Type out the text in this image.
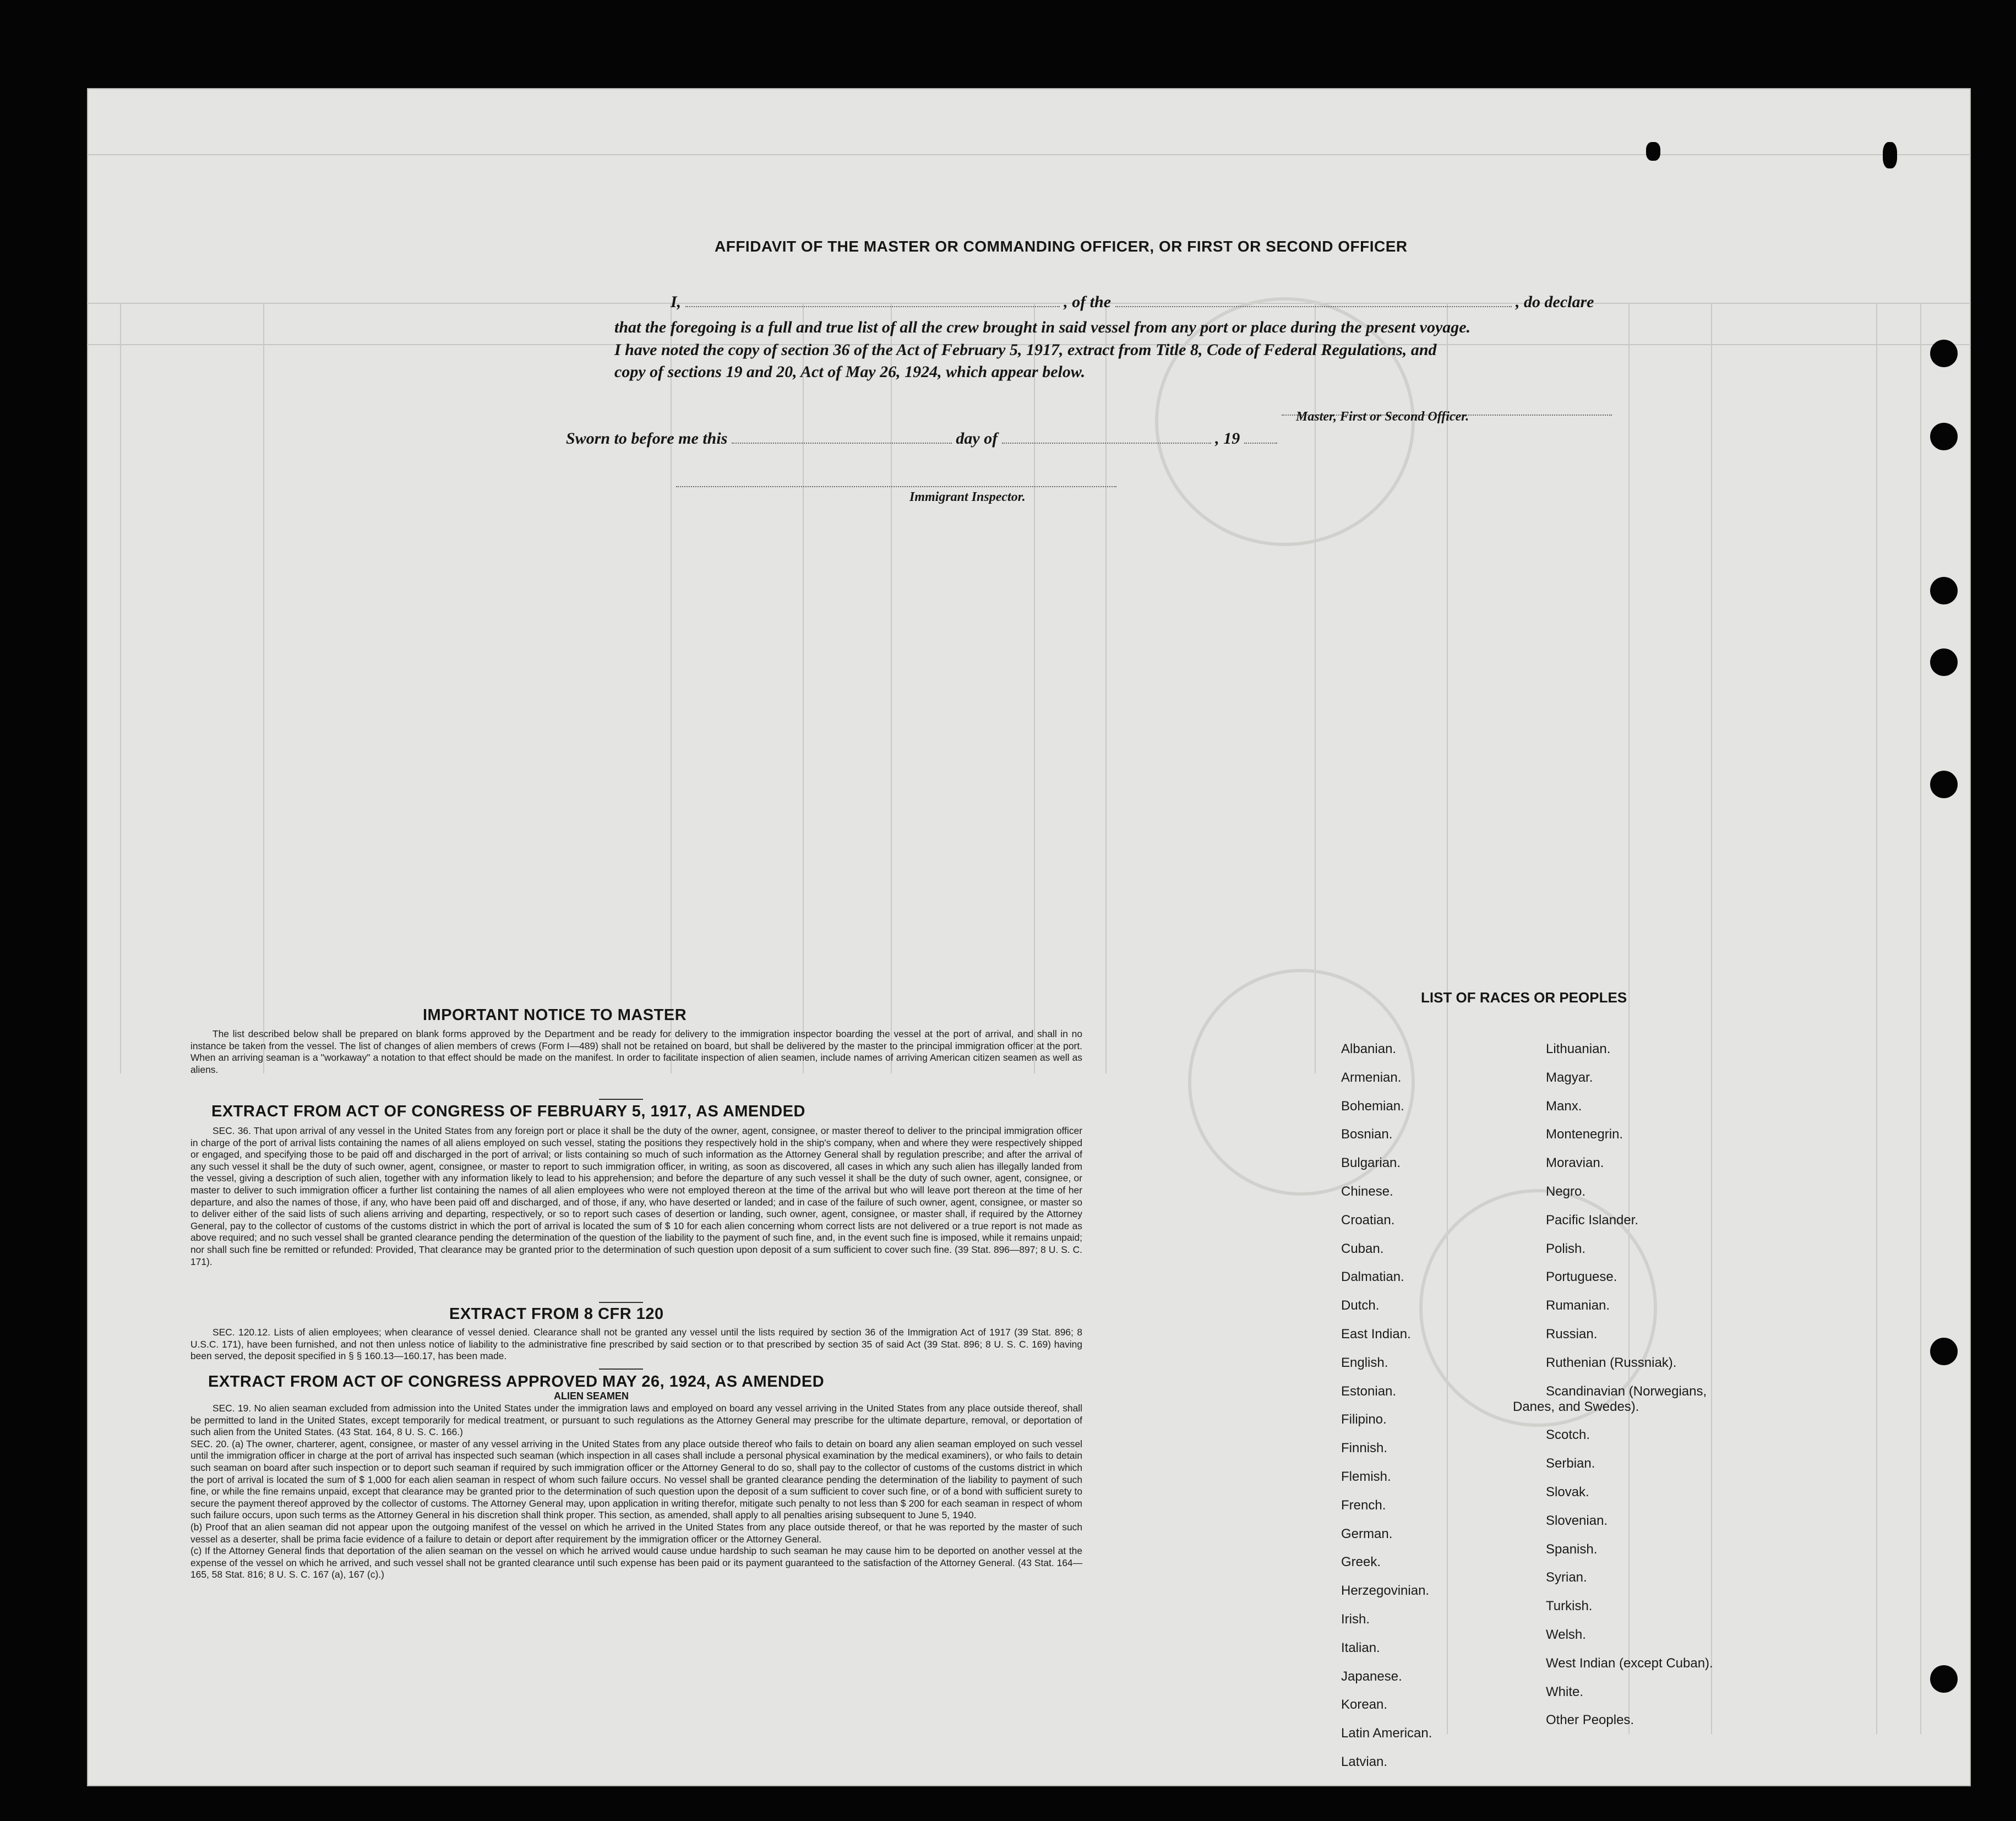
AFFIDAVIT OF THE MASTER OR COMMANDING OFFICER, OR FIRST OR SECOND OFFICER
I,	, of the	, do declare
that the foregoing is a full and true list of all the crew brought in said vessel from any port or place during the present voyage.
I have noted the copy of section 36 of the Act of February 5, 1917, extract from Title 8, Code of Federal Regulations, and
copy of sections 19 and 20, Act of May 26, 1924, which appear below.
Master, First or Second Officer.
Sworn to before me this	day of	, 19
Immigrant Inspector.
IMPORTANT NOTICE TO MASTER
The list described below shall be prepared on blank forms approved by the Department and be ready for delivery to the immigration inspector boarding the vessel at the port of arrival, and shall in no instance be taken from the vessel. The list of changes of alien members of crews (Form I—489) shall not be retained on board, but shall be delivered by the master to the principal immigration officer at the port. When an arriving seaman is a "workaway" a notation to that effect should be made on the manifest. In order to facilitate inspection of alien seamen, include names of arriving American citizen seamen as well as aliens.
EXTRACT FROM ACT OF CONGRESS OF FEBRUARY 5, 1917, AS AMENDED
SEC. 36. That upon arrival of any vessel in the United States from any foreign port or place it shall be the duty of the owner, agent, consignee, or master thereof to deliver to the principal immigration officer in charge of the port of arrival lists containing the names of all aliens employed on such vessel, stating the positions they respectively hold in the ship's company, when and where they were respectively shipped or engaged, and specifying those to be paid off and discharged in the port of arrival; or lists containing so much of such information as the Attorney General shall by regulation prescribe; and after the arrival of any such vessel it shall be the duty of such owner, agent, consignee, or master to report to such immigration officer, in writing, as soon as discovered, all cases in which any such alien has illegally landed from the vessel, giving a description of such alien, together with any information likely to lead to his apprehension; and before the departure of any such vessel it shall be the duty of such owner, agent, consignee, or master to deliver to such immigration officer a further list containing the names of all alien employees who were not employed thereon at the time of the arrival but who will leave port thereon at the time of her departure, and also the names of those, if any, who have been paid off and discharged, and of those, if any, who have deserted or landed; and in case of the failure of such owner, agent, consignee, or master so to deliver either of the said lists of such aliens arriving and departing, respectively, or so to report such cases of desertion or landing, such owner, agent, consignee, or master shall, if required by the Attorney General, pay to the collector of customs of the customs district in which the port of arrival is located the sum of $ 10 for each alien concerning whom correct lists are not delivered or a true report is not made as above required; and no such vessel shall be granted clearance pending the determination of the question of the liability to the payment of such fine, and, in the event such fine is imposed, while it remains unpaid; nor shall such fine be remitted or refunded: Provided, That clearance may be granted prior to the determination of such question upon deposit of a sum sufficient to cover such fine. (39 Stat. 896—897; 8 U. S. C. 171).
EXTRACT FROM 8 CFR 120
SEC. 120.12. Lists of alien employees; when clearance of vessel denied. Clearance shall not be granted any vessel until the lists required by section 36 of the Immigration Act of 1917 (39 Stat. 896; 8 U.S.C. 171), have been furnished, and not then unless notice of liability to the administrative fine prescribed by said section or to that prescribed by section 35 of said Act (39 Stat. 896; 8 U. S. C. 169) having been served, the deposit specified in § § 160.13—160.17, has been made.
EXTRACT FROM ACT OF CONGRESS APPROVED MAY 26, 1924, AS AMENDED
ALIEN SEAMEN
SEC. 19. No alien seaman excluded from admission into the United States under the immigration laws and employed on board any vessel arriving in the United States from any place outside thereof, shall be permitted to land in the United States, except temporarily for medical treatment, or pursuant to such regulations as the Attorney General may prescribe for the ultimate departure, removal, or deportation of such alien from the United States. (43 Stat. 164, 8 U. S. C. 166.)
SEC. 20. (a) The owner, charterer, agent, consignee, or master of any vessel arriving in the United States from any place outside thereof who fails to detain on board any alien seaman employed on such vessel until the immigration officer in charge at the port of arrival has inspected such seaman (which inspection in all cases shall include a personal physical examination by the medical examiners), or who fails to detain such seaman on board after such inspection or to deport such seaman if required by such immigration officer or the Attorney General to do so, shall pay to the collector of customs of the customs district in which the port of arrival is located the sum of $ 1,000 for each alien seaman in respect of whom such failure occurs. No vessel shall be granted clearance pending the determination of the liability to payment of such fine, or while the fine remains unpaid, except that clearance may be granted prior to the determination of such question upon the deposit of a sum sufficient to cover such fine, or of a bond with sufficient surety to secure the payment thereof approved by the collector of customs. The Attorney General may, upon application in writing therefor, mitigate such penalty to not less than $ 200 for each seaman in respect of whom such failure occurs, upon such terms as the Attorney General in his discretion shall think proper. This section, as amended, shall apply to all penalties arising subsequent to June 5, 1940.
(b) Proof that an alien seaman did not appear upon the outgoing manifest of the vessel on which he arrived in the United States from any place outside thereof, or that he was reported by the master of such vessel as a deserter, shall be prima facie evidence of a failure to detain or deport after requirement by the immigration officer or the Attorney General.
(c) If the Attorney General finds that deportation of the alien seaman on the vessel on which he arrived would cause undue hardship to such seaman he may cause him to be deported on another vessel at the expense of the vessel on which he arrived, and such vessel shall not be granted clearance until such expense has been paid or its payment guaranteed to the satisfaction of the Attorney General. (43 Stat. 164—165, 58 Stat. 816; 8 U. S. C. 167 (a), 167 (c).)
LIST OF RACES OR PEOPLES
Albanian.
Armenian.
Bohemian.
Bosnian.
Bulgarian.
Chinese.
Croatian.
Cuban.
Dalmatian.
Dutch.
East Indian.
English.
Estonian.
Filipino.
Finnish.
Flemish.
French.
German.
Greek.
Herzegovinian.
Irish.
Italian.
Japanese.
Korean.
Latin American.
Latvian.
Lithuanian.
Magyar.
Manx.
Montenegrin.
Moravian.
Negro.
Pacific Islander.
Polish.
Portuguese.
Rumanian.
Russian.
Ruthenian (Russniak).
Scandinavian (Norwegians,
Danes, and Swedes).
Scotch.
Serbian.
Slovak.
Slovenian.
Spanish.
Syrian.
Turkish.
Welsh.
West Indian (except Cuban).
White.
Other Peoples.
